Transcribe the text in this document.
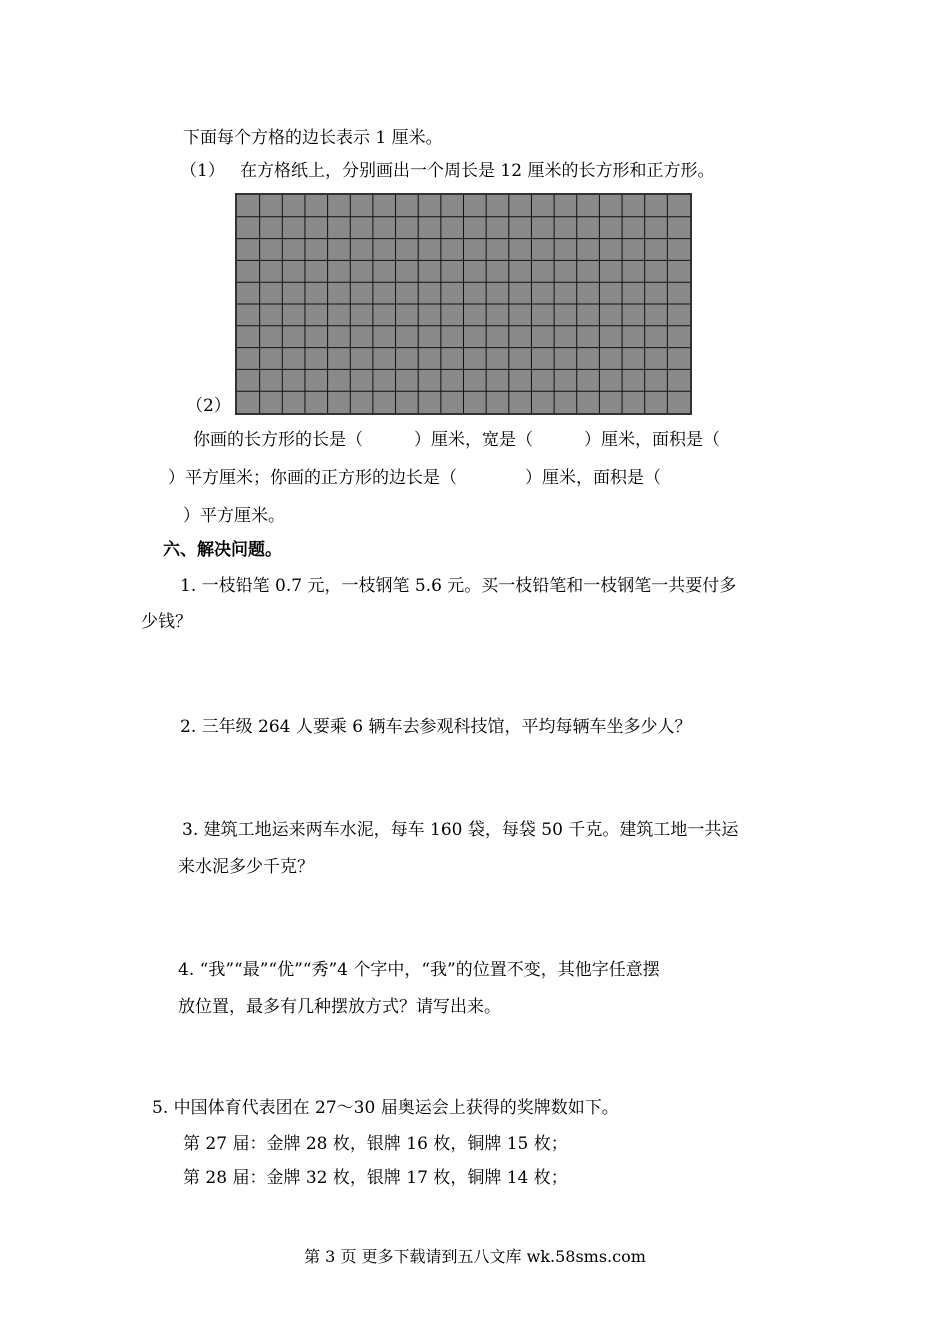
下面每个方格的边长表示 1 厘米。
（1） 在方格纸上，分别画出一个周长是 12 厘米的长方形和正方形。
（2）
你画的长方形的长是（　　　）厘米，宽是（　　　）厘米，面积是（
）平方厘米；你画的正方形的边长是（　　　　）厘米，面积是（
）平方厘米。
六、解决问题。
1. 一枝铅笔 0.7 元，一枝钢笔 5.6 元。买一枝铅笔和一枝钢笔一共要付多
少钱？
2. 三年级 264 人要乘 6 辆车去参观科技馆，平均每辆车坐多少人？
3. 建筑工地运来两车水泥，每车 160 袋，每袋 50 千克。建筑工地一共运
来水泥多少千克？
4. “我”“最”“优”“秀”4 个字中，“我”的位置不变，其他字任意摆
放位置，最多有几种摆放方式？请写出来。
5. 中国体育代表团在 27～30 届奥运会上获得的奖牌数如下。
第 27 届：金牌 28 枚，银牌 16 枚，铜牌 15 枚；
第 28 届：金牌 32 枚，银牌 17 枚，铜牌 14 枚；
第 3 页 更多下载请到五八文库 wk.58sms.com
